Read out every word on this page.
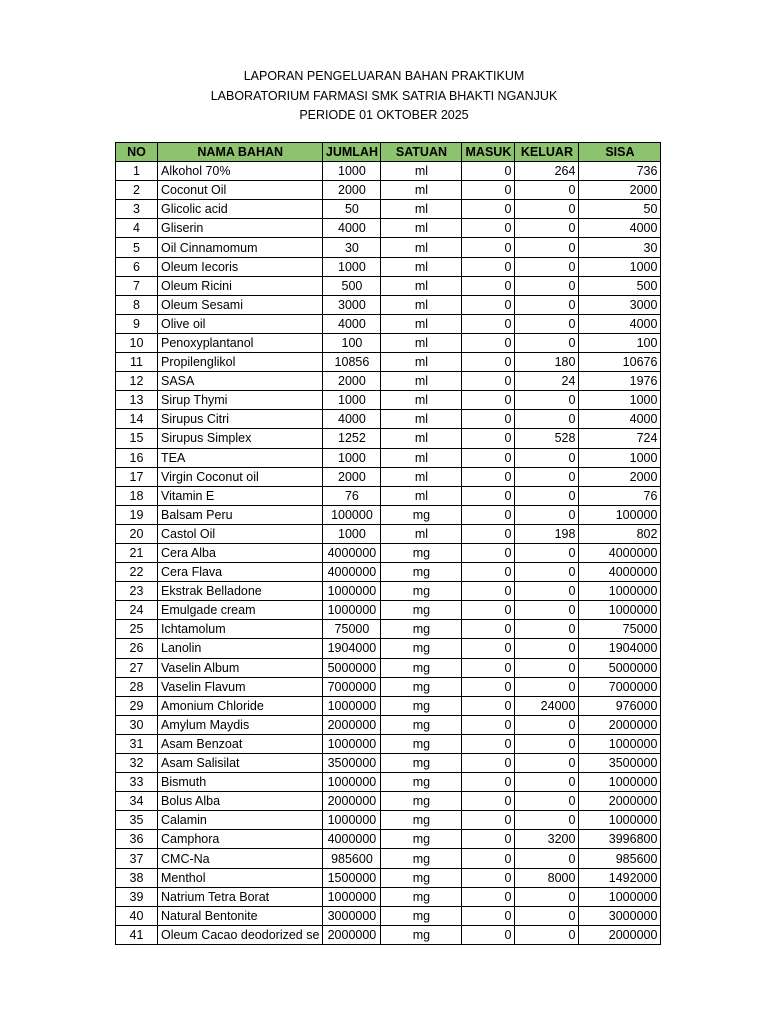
LAPORAN PENGELUARAN BAHAN PRAKTIKUM
LABORATORIUM FARMASI SMK SATRIA BHAKTI NGANJUK
PERIODE 01 OKTOBER 2025
NO	NAMA BAHAN	JUMLAH	SATUAN	MASUK	KELUAR	SISA
1	Alkohol 70%	1000	ml	0	264	736
2	Coconut Oil	2000	ml	0	0	2000
3	Glicolic acid	50	ml	0	0	50
4	Gliserin	4000	ml	0	0	4000
5	Oil Cinnamomum	30	ml	0	0	30
6	Oleum Iecoris	1000	ml	0	0	1000
7	Oleum Ricini	500	ml	0	0	500
8	Oleum Sesami	3000	ml	0	0	3000
9	Olive oil	4000	ml	0	0	4000
10	Penoxyplantanol	100	ml	0	0	100
11	Propilenglikol	10856	ml	0	180	10676
12	SASA	2000	ml	0	24	1976
13	Sirup Thymi	1000	ml	0	0	1000
14	Sirupus Citri	4000	ml	0	0	4000
15	Sirupus Simplex	1252	ml	0	528	724
16	TEA	1000	ml	0	0	1000
17	Virgin Coconut oil	2000	ml	0	0	2000
18	Vitamin E	76	ml	0	0	76
19	Balsam Peru	100000	mg	0	0	100000
20	Castol Oil	1000	ml	0	198	802
21	Cera Alba	4000000	mg	0	0	4000000
22	Cera Flava	4000000	mg	0	0	4000000
23	Ekstrak Belladone	1000000	mg	0	0	1000000
24	Emulgade cream	1000000	mg	0	0	1000000
25	Ichtamolum	75000	mg	0	0	75000
26	Lanolin	1904000	mg	0	0	1904000
27	Vaselin Album	5000000	mg	0	0	5000000
28	Vaselin Flavum	7000000	mg	0	0	7000000
29	Amonium Chloride	1000000	mg	0	24000	976000
30	Amylum Maydis	2000000	mg	0	0	2000000
31	Asam Benzoat	1000000	mg	0	0	1000000
32	Asam Salisilat	3500000	mg	0	0	3500000
33	Bismuth	1000000	mg	0	0	1000000
34	Bolus Alba	2000000	mg	0	0	2000000
35	Calamin	1000000	mg	0	0	1000000
36	Camphora	4000000	mg	0	3200	3996800
37	CMC-Na	985600	mg	0	0	985600
38	Menthol	1500000	mg	0	8000	1492000
39	Natrium Tetra Borat	1000000	mg	0	0	1000000
40	Natural Bentonite	3000000	mg	0	0	3000000
41	Oleum Cacao deodorized se	2000000	mg	0	0	2000000
